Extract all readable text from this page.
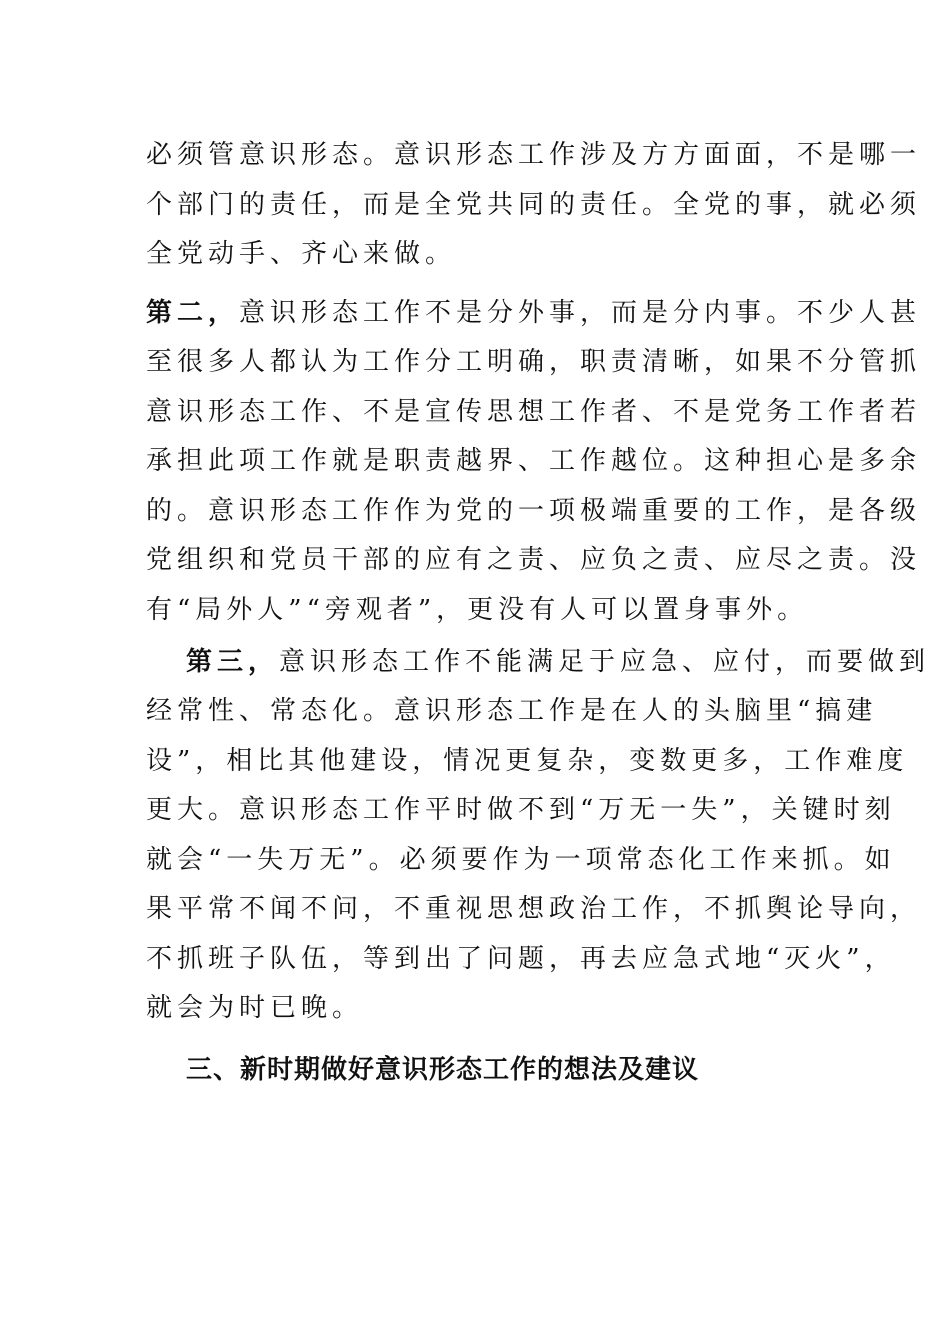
必须管意识形态。意识形态工作涉及方方面面，不是哪一
个部门的责任，而是全党共同的责任。全党的事，就必须
全党动手、齐心来做。
第二，意识形态工作不是分外事，而是分内事。不少人甚
至很多人都认为工作分工明确，职责清晰，如果不分管抓
意识形态工作、不是宣传思想工作者、不是党务工作者若
承担此项工作就是职责越界、工作越位。这种担心是多余
的。意识形态工作作为党的一项极端重要的工作，是各级
党组织和党员干部的应有之责、应负之责、应尽之责。没
有“局外人”“旁观者”，更没有人可以置身事外。
第三，意识形态工作不能满足于应急、应付，而要做到
经常性、常态化。意识形态工作是在人的头脑里“搞建
设”，相比其他建设，情况更复杂，变数更多，工作难度
更大。意识形态工作平时做不到“万无一失”，关键时刻
就会“一失万无”。必须要作为一项常态化工作来抓。如
果平常不闻不问，不重视思想政治工作，不抓舆论导向，
不抓班子队伍，等到出了问题，再去应急式地“灭火”，
就会为时已晚。
三、新时期做好意识形态工作的想法及建议
